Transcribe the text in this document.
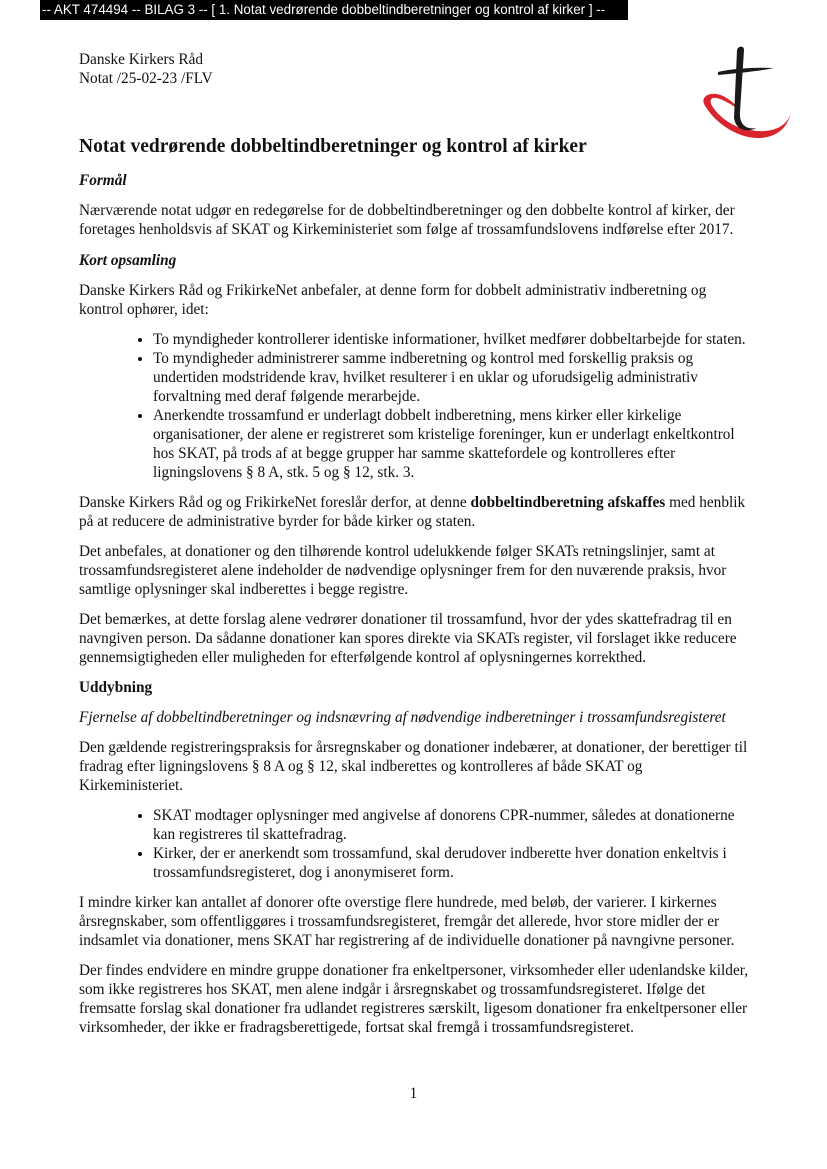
-- AKT 474494 -- BILAG 3 -- [ 1. Notat vedrørende dobbeltindberetninger og kontrol af kirker ] --

Danske Kirkers Råd

Notat /25-02-23 /FLV

Notat vedrørende dobbeltindberetninger og kontrol af kirker

Formål

Nærværende notat udgør en redegørelse for de dobbeltindberetninger og den dobbelte kontrol af kirker, der foretages henholdsvis af SKAT og Kirkeministeriet som følge af trossamfundslovens indførelse efter 2017.

Kort opsamling

Danske Kirkers Råd og FrikirkeNet anbefaler, at denne form for dobbelt administrativ indberetning og kontrol ophører, idet:

• To myndigheder kontrollerer identiske informationer, hvilket medfører dobbeltarbejde for staten.
• To myndigheder administrerer samme indberetning og kontrol med forskellig praksis og undertiden modstridende krav, hvilket resulterer i en uklar og uforudsigelig administrativ forvaltning med deraf følgende merarbejde.
• Anerkendte trossamfund er underlagt dobbelt indberetning, mens kirker eller kirkelige organisationer, der alene er registreret som kristelige foreninger, kun er underlagt enkeltkontrol hos SKAT, på trods af at begge grupper har samme skattefordele og kontrolleres efter ligningslovens § 8 A, stk. 5 og § 12, stk. 3.

Danske Kirkers Råd og og FrikirkeNet foreslår derfor, at denne dobbeltindberetning afskaffes med henblik på at reducere de administrative byrder for både kirker og staten.

Det anbefales, at donationer og den tilhørende kontrol udelukkende følger SKATs retningslinjer, samt at trossamfundsregisteret alene indeholder de nødvendige oplysninger frem for den nuværende praksis, hvor samtlige oplysninger skal indberettes i begge registre.

Det bemærkes, at dette forslag alene vedrører donationer til trossamfund, hvor der ydes skattefradrag til en navngiven person. Da sådanne donationer kan spores direkte via SKATs register, vil forslaget ikke reducere gennemsigtigheden eller muligheden for efterfølgende kontrol af oplysningernes korrekthed.

Uddybning

Fjernelse af dobbeltindberetninger og indsnævring af nødvendige indberetninger i trossamfundsregisteret

Den gældende registreringspraksis for årsregnskaber og donationer indebærer, at donationer, der berettiger til fradrag efter ligningslovens § 8 A og § 12, skal indberettes og kontrolleres af både SKAT og Kirkeministeriet.

• SKAT modtager oplysninger med angivelse af donorens CPR-nummer, således at donationerne kan registreres til skattefradrag.
• Kirker, der er anerkendt som trossamfund, skal derudover indberette hver donation enkeltvis i trossamfundsregisteret, dog i anonymiseret form.

I mindre kirker kan antallet af donorer ofte overstige flere hundrede, med beløb, der varierer. I kirkernes årsregnskaber, som offentliggøres i trossamfundsregisteret, fremgår det allerede, hvor store midler der er indsamlet via donationer, mens SKAT har registrering af de individuelle donationer på navngivne personer.

Der findes endvidere en mindre gruppe donationer fra enkeltpersoner, virksomheder eller udenlandske kilder, som ikke registreres hos SKAT, men alene indgår i årsregnskabet og trossamfundsregisteret. Ifølge det fremsatte forslag skal donationer fra udlandet registreres særskilt, ligesom donationer fra enkeltpersoner eller virksomheder, der ikke er fradragsberettigede, fortsat skal fremgå i trossamfundsregisteret.

1
